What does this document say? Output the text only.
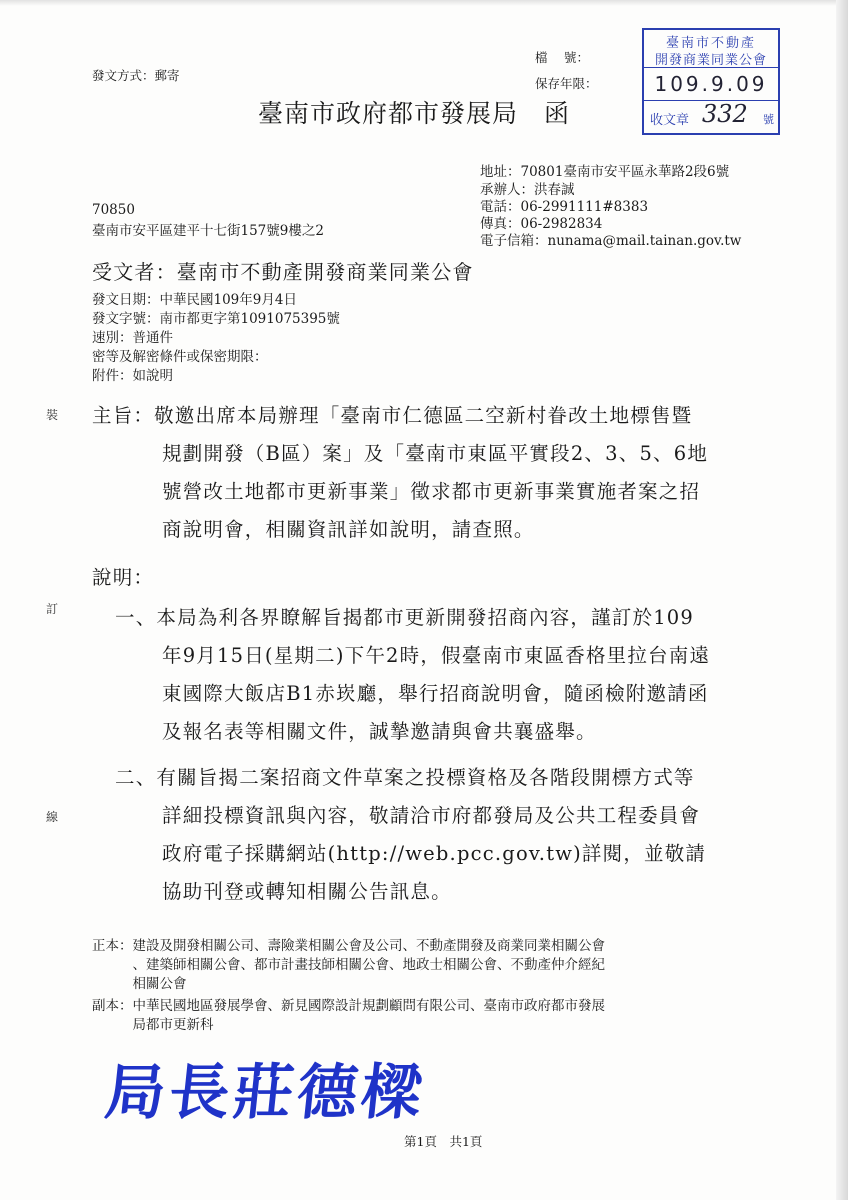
發文方式：郵寄
檔　 號：
保存年限：
臺南市政府都市發展局　函
臺南市不動產
開發商業同業公會
109.9.09
收文章 332 號
地址：70801臺南市安平區永華路2段6號
承辦人：洪春誠
電話：06-2991111#8383
傳真：06-2982834
電子信箱：nunama@mail.tainan.gov.tw
70850
臺南市安平區建平十七街157號9樓之2
受文者：臺南市不動產開發商業同業公會
發文日期：中華民國109年9月4日
發文字號：南市都更字第1091075395號
速別：普通件
密等及解密條件或保密期限：
附件：如說明
裝
訂
線
主旨：敬邀出席本局辦理「臺南市仁德區二空新村眷改土地標售暨
規劃開發（B區）案」及「臺南市東區平實段2、3、5、6地
號營改土地都市更新事業」徵求都市更新事業實施者案之招
商說明會，相關資訊詳如說明，請查照。
說明：
一、本局為利各界瞭解旨揭都市更新開發招商內容，謹訂於109
年9月15日(星期二)下午2時，假臺南市東區香格里拉台南遠
東國際大飯店B1赤崁廳，舉行招商說明會，隨函檢附邀請函
及報名表等相關文件，誠摯邀請與會共襄盛舉。
二、有關旨揭二案招商文件草案之投標資格及各階段開標方式等
詳細投標資訊與內容，敬請洽市府都發局及公共工程委員會
政府電子採購網站(http://web.pcc.gov.tw)詳閱，並敬請
協助刊登或轉知相關公告訊息。
正本：建設及開發相關公司、壽險業相關公會及公司、不動產開發及商業同業相關公會
　　　、建築師相關公會、都市計畫技師相關公會、地政士相關公會、不動產仲介經紀
　　　相關公會
副本：中華民國地區發展學會、新見國際設計規劃顧問有限公司、臺南市政府都市發展
　　　局都市更新科
局長莊德樑
第1頁　共1頁
